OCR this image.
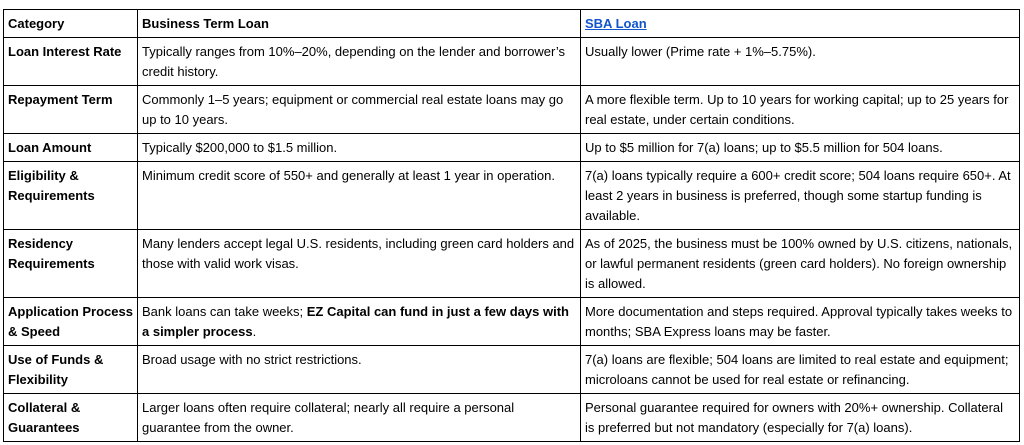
Category	Business Term Loan	SBA Loan
Loan Interest Rate	Typically ranges from 10%–20%, depending on the lender and borrower’s credit history.	Usually lower (Prime rate + 1%–5.75%).
Repayment Term	Commonly 1–5 years; equipment or commercial real estate loans may go up to 10 years.	A more flexible term. Up to 10 years for working capital; up to 25 years for real estate, under certain conditions.
Loan Amount	Typically $200,000 to $1.5 million.	Up to $5 million for 7(a) loans; up to $5.5 million for 504 loans.
Eligibility & Requirements	Minimum credit score of 550+ and generally at least 1 year in operation.	7(a) loans typically require a 600+ credit score; 504 loans require 650+. At least 2 years in business is preferred, though some startup funding is available.
Residency Requirements	Many lenders accept legal U.S. residents, including green card holders and those with valid work visas.	As of 2025, the business must be 100% owned by U.S. citizens, nationals, or lawful permanent residents (green card holders). No foreign ownership is allowed.
Application Process & Speed	Bank loans can take weeks; EZ Capital can fund in just a few days with a simpler process.	More documentation and steps required. Approval typically takes weeks to months; SBA Express loans may be faster.
Use of Funds & Flexibility	Broad usage with no strict restrictions.	7(a) loans are flexible; 504 loans are limited to real estate and equipment; microloans cannot be used for real estate or refinancing.
Collateral & Guarantees	Larger loans often require collateral; nearly all require a personal guarantee from the owner.	Personal guarantee required for owners with 20%+ ownership. Collateral is preferred but not mandatory (especially for 7(a) loans).
